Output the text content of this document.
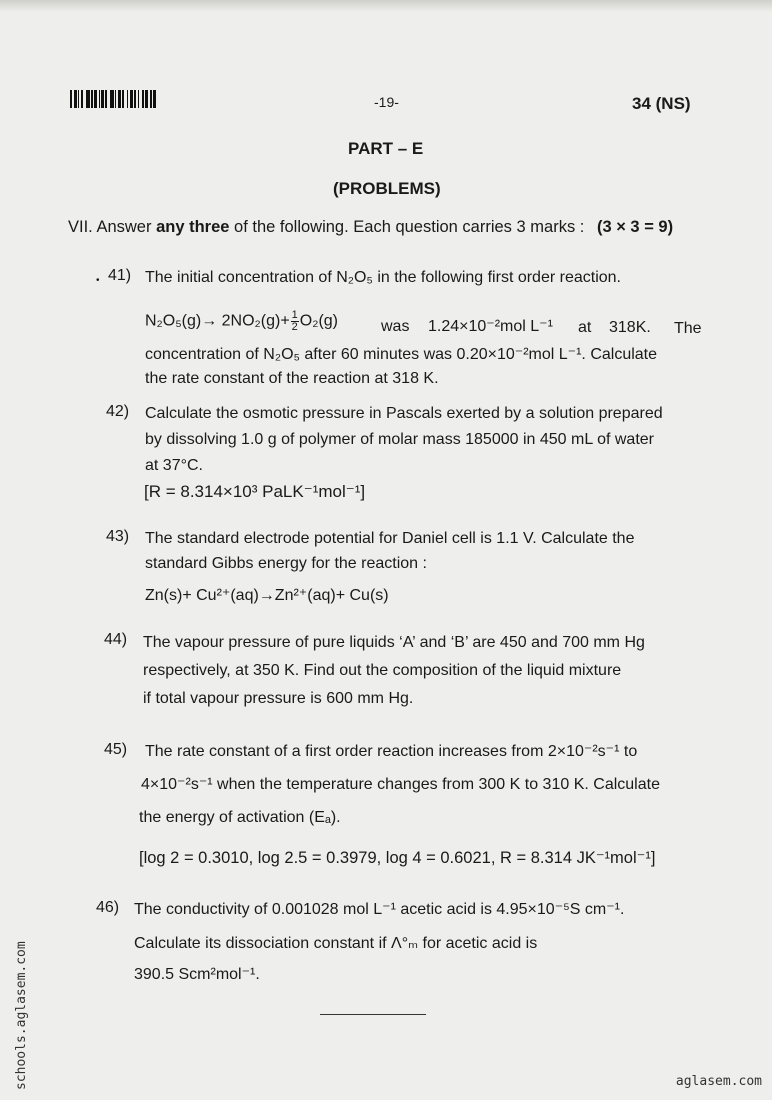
-19-	34 (NS)
PART – E
(PROBLEMS)
VII. Answer any three of the following. Each question carries 3 marks : (3 × 3 = 9)
• 41) The initial concentration of N₂O₅ in the following first order reaction.
$N_2O_5(g)\to 2NO_2(g)+ \frac{1}{2} O_2(g)$	was 1.24×10⁻²mol L⁻¹ at 318K. The
concentration of N₂O₅ after 60 minutes was 0.20×10⁻²mol L⁻¹. Calculate
the rate constant of the reaction at 318 K.
42) Calculate the osmotic pressure in Pascals exerted by a solution prepared
by dissolving 1.0 g of polymer of molar mass 185000 in 450 mL of water
at 37°C.
[R = 8.314×10³ PaLK⁻¹mol⁻¹]
43) The standard electrode potential for Daniel cell is 1.1 V. Calculate the
standard Gibbs energy for the reaction :
Zn(s)+ Cu²⁺(aq)→Zn²⁺(aq)+ Cu(s)
44) The vapour pressure of pure liquids ‘A’ and ‘B’ are 450 and 700 mm Hg
respectively, at 350 K. Find out the composition of the liquid mixture
if total vapour pressure is 600 mm Hg.
45) The rate constant of a first order reaction increases from 2×10⁻²s⁻¹ to
4×10⁻²s⁻¹ when the temperature changes from 300 K to 310 K. Calculate
the energy of activation (Eₐ).
[log 2 = 0.3010, log 2.5 = 0.3979, log 4 = 0.6021, R = 8.314 JK⁻¹mol⁻¹]
46) The conductivity of 0.001028 mol L⁻¹ acetic acid is 4.95×10⁻⁵S cm⁻¹.
Calculate its dissociation constant if Λ°ₘ for acetic acid is
390.5 Scm²mol⁻¹.
schools.aglasem.com	aglasem.com
